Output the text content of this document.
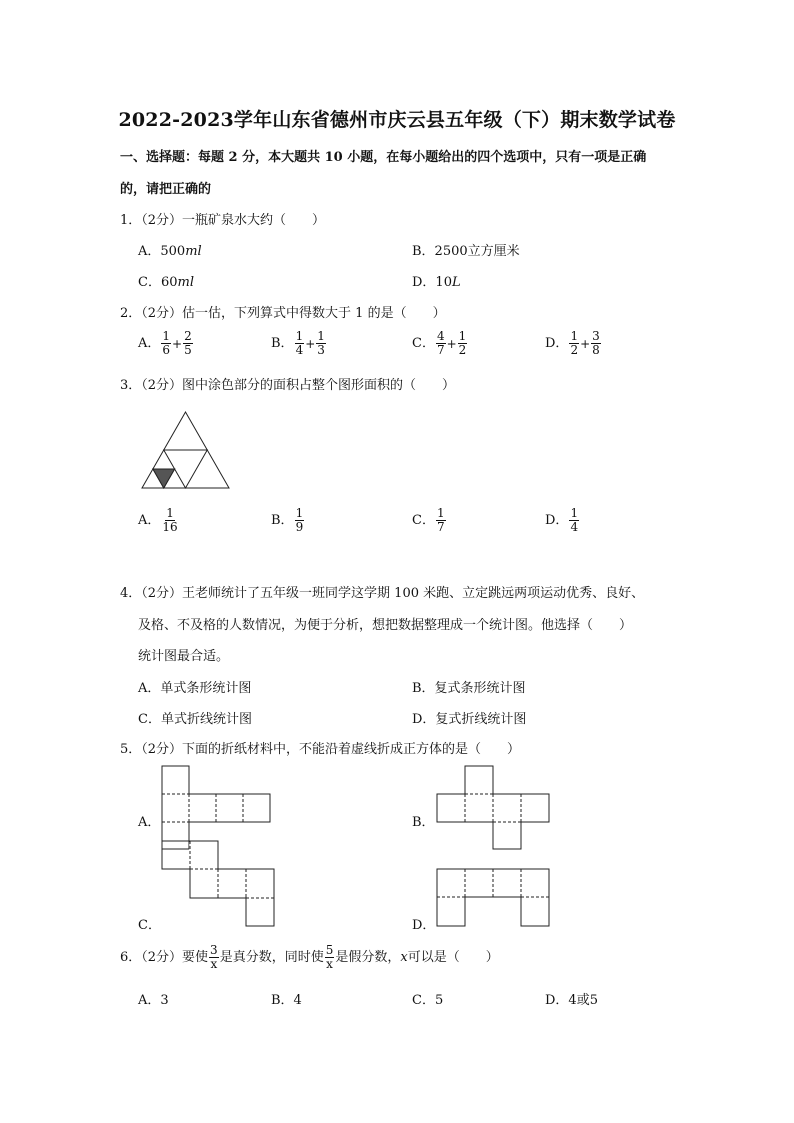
2022-2023学年山东省德州市庆云县五年级（下）期末数学试卷
一、选择题：每题 2 分，本大题共 10 小题，在每小题给出的四个选项中，只有一项是正确
的，请把正确的
1．（2分）一瓶矿泉水大约（　　）
A．500ml	B．2500立方厘米
C．60ml	D．10L
2．（2分）估一估，下列算式中得数大于 1 的是（　　）
A． $\frac{1}{6} + \frac{2}{5}$	B． $\frac{1}{4} + \frac{1}{3}$	C． $\frac{4}{7} + \frac{1}{2}$	D． $\frac{1}{2} + \frac{3}{8}$
3．（2分）图中涂色部分的面积占整个图形面积的（　　）
A． $\frac{1}{16}$	B． $\frac{1}{9}$	C． $\frac{1}{7}$	D． $\frac{1}{4}$
4．（2分）王老师统计了五年级一班同学这学期 100 米跑、立定跳远两项运动优秀、良好、
及格、不及格的人数情况，为便于分析，想把数据整理成一个统计图。他选择（　　）
统计图最合适。
A．单式条形统计图	B．复式条形统计图
C．单式折线统计图	D．复式折线统计图
5．（2分）下面的折纸材料中，不能沿着虚线折成正方体的是（　　）
A．	B．
C．	D．
6．（2分）要使 $\frac{3}{x}$ 是真分数，同时使 $\frac{5}{x}$ 是假分数，x可以是（　　）
A．3	B．4	C．5	D．4或5
